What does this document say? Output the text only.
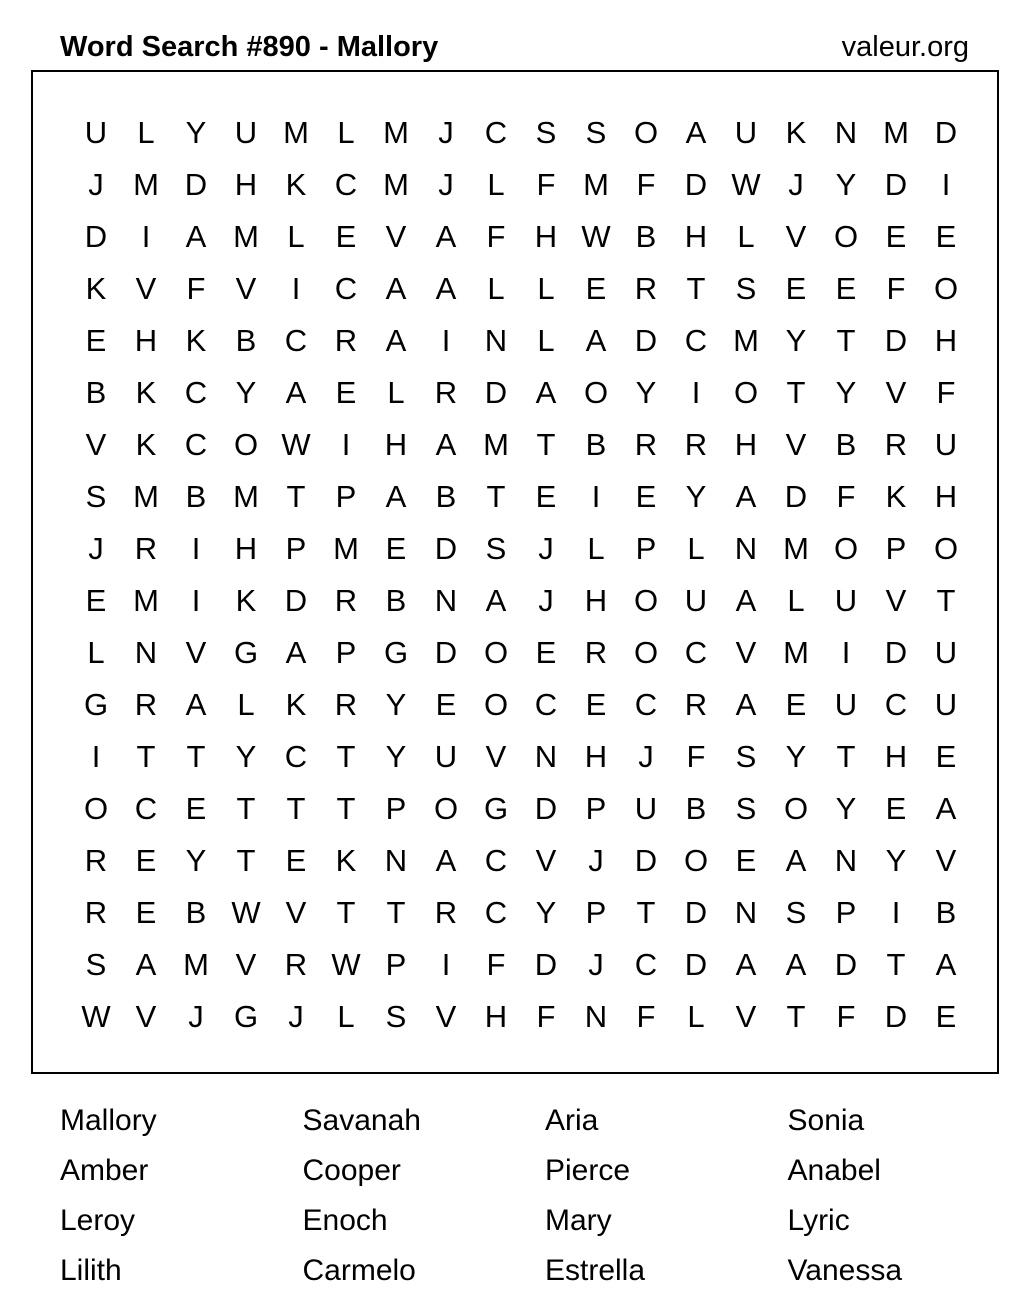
Word Search #890 - Mallory	valeur.org
U L	Y U M L M J	C S S O A U K N M D
J M D H K C M J	L	F M F D W J	Y D	I
D	I	A M L	E V A F H W B H L	V O E E
K V F V	I	C A A	L	L	E R T S E E F O
E H K B C R A	I	N L	A D C M Y T D H
B K C Y A E	L R D A O Y	I	O T Y V F
V K C O W	I	H A M T B R R H V B R U
S M B M T P A B T E	I	E Y A D F K H
J	R	I	H P M E D S	J	L	P	L N M O P O
E M	I	K D R B N A	J	H O U A	L U V T
L N V G A P G D O E R O C V M	I	D U
G R A	L	K R Y E O C E C R A E U C U
I	T	T Y C T Y U V N H	J	F S Y T H E
O C E T	T	T P O G D P U B S O Y E A
R E Y T E K N A C V	J	D O E A N Y V
R E B W V T	T R C Y P T D N S P	I	B
S A M V R W P	I	F D	J	C D A A D T A
W V	J G J	L	S V H F N F	L	V T	F D E
Mallory	Savanah	Aria	Sonia
Amber	Cooper	Pierce	Anabel
Leroy	Enoch	Mary	Lyric
Lilith	Carmelo	Estrella	Vanessa
